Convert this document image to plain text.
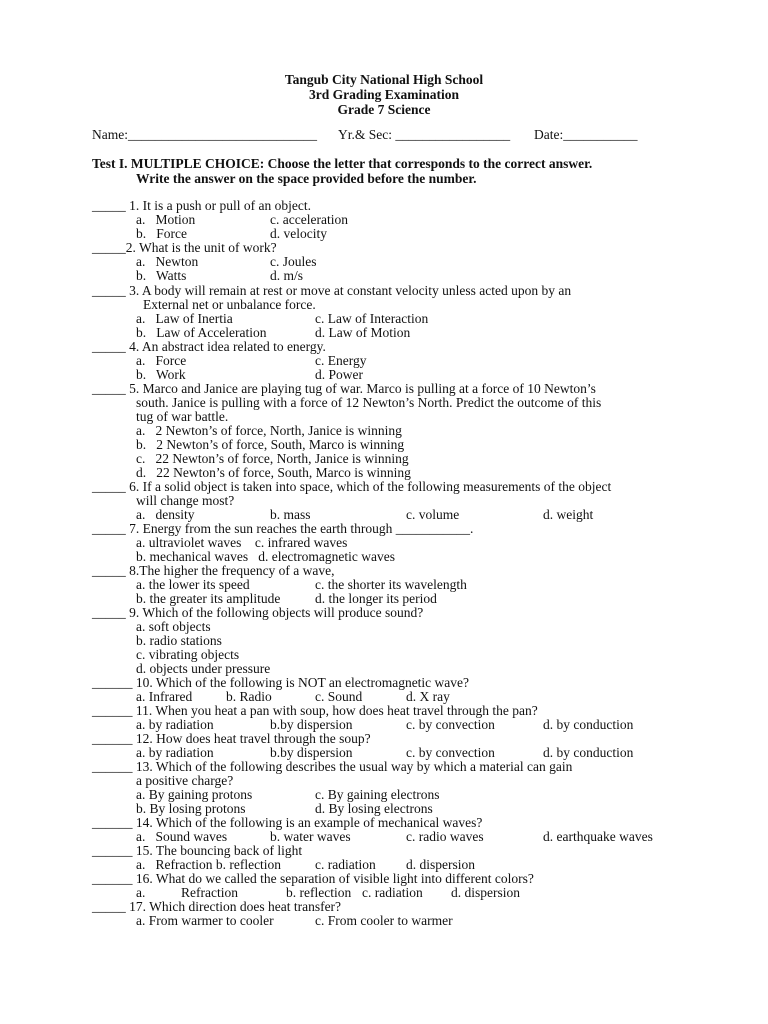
Tangub City National High School
3rd Grading Examination
Grade 7 Science
Name:____________________________ Yr.& Sec: _________________ Date:___________
Test I. MULTIPLE CHOICE: Choose the letter that corresponds to the correct answer.
Write the answer on the space provided before the number.
_____ 1. It is a push or pull of an object.
a.   Motion	c. acceleration
b.   Force	d. velocity
_____2. What is the unit of work?
a.   Newton	c. Joules
b.   Watts	d. m/s
_____ 3. A body will remain at rest or move at constant velocity unless acted upon by an
External net or unbalance force.
a.   Law of Inertia	c. Law of Interaction
b.   Law of Acceleration	d. Law of Motion
_____ 4. An abstract idea related to energy.
a.   Force	c. Energy
b.   Work	d. Power
_____ 5. Marco and Janice are playing tug of war. Marco is pulling at a force of 10 Newton’s
south. Janice is pulling with a force of 12 Newton’s North. Predict the outcome of this
tug of war battle.
a.   2 Newton’s of force, North, Janice is winning
b.   2 Newton’s of force, South, Marco is winning
c.   22 Newton’s of force, North, Janice is winning
d.   22 Newton’s of force, South, Marco is winning
_____ 6. If a solid object is taken into space, which of the following measurements of the object
will change most?
a.   density	b. mass	c. volume	d. weight
_____ 7. Energy from the sun reaches the earth through ___________.
a. ultraviolet waves    c. infrared waves
b. mechanical waves   d. electromagnetic waves
_____ 8.The higher the frequency of a wave,
a. the lower its speed	c. the shorter its wavelength
b. the greater its amplitude	d. the longer its period
_____ 9. Which of the following objects will produce sound?
a. soft objects
b. radio stations
c. vibrating objects
d. objects under pressure
______ 10. Which of the following is NOT an electromagnetic wave?
a. Infrared	b. Radio	c. Sound	d. X ray
______ 11. When you heat a pan with soup, how does heat travel through the pan?
a. by radiation	b.by dispersion	c. by convection	d. by conduction
______ 12. How does heat travel through the soup?
a. by radiation	b.by dispersion	c. by convection	d. by conduction
______ 13. Which of the following describes the usual way by which a material can gain
a positive charge?
a. By gaining protons	c. By gaining electrons
b. By losing protons	d. By losing electrons
______ 14. Which of the following is an example of mechanical waves?
a.   Sound waves	b. water waves	c. radio waves	d. earthquake waves
______ 15. The bouncing back of light
a.   Refraction b. reflection	c. radiation d. dispersion
______ 16. What do we called the separation of visible light into different colors?
a.	Refraction	b. reflection c. radiation d. dispersion
_____ 17. Which direction does heat transfer?
a. From warmer to cooler	c. From cooler to warmer
